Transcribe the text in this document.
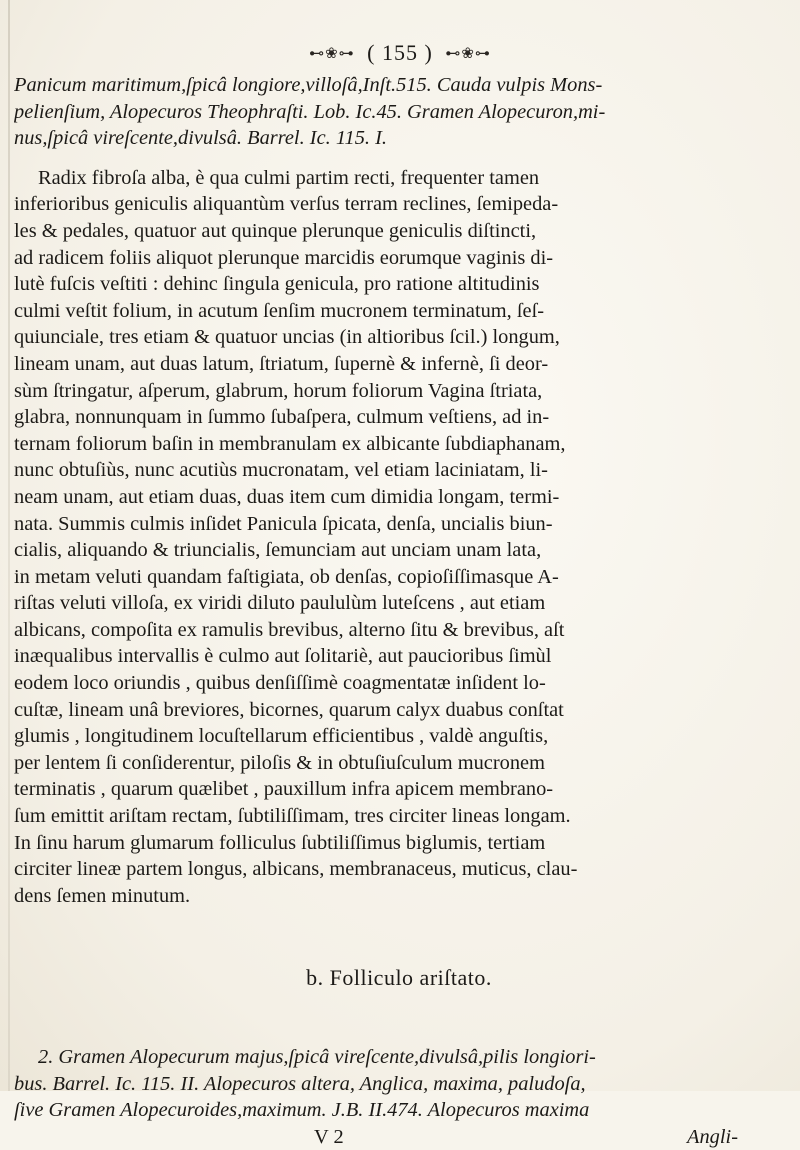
⊷❀⊶ ( 155 ) ⊷❀⊶
Panicum maritimum,ſpicâ longiore,villoſâ,Inſt.515. Cauda vulpis Mons-
pelienſium, Alopecuros Theophraſti. Lob. Ic.45. Gramen Alopecuron,mi-
nus,ſpicâ vireſcente,divulsâ. Barrel. Ic. 115. I.
Radix fibroſa alba, è qua culmi partim recti, frequenter tamen
inferioribus geniculis aliquantùm verſus terram reclines, ſemipeda-
les & pedales, quatuor aut quinque plerunque geniculis diſtincti,
ad radicem foliis aliquot plerunque marcidis eorumque vaginis di-
lutè fuſcis veſtiti : dehinc ſingula genicula, pro ratione altitudinis
culmi veſtit folium, in acutum ſenſim mucronem terminatum, ſeſ-
quiunciale, tres etiam & quatuor uncias (in altioribus ſcil.) longum,
lineam unam, aut duas latum, ſtriatum, ſupernè & infernè, ſi deor-
sùm ſtringatur, aſperum, glabrum, horum foliorum Vagina ſtriata,
glabra, nonnunquam in ſummo ſubaſpera, culmum veſtiens, ad in-
ternam foliorum baſin in membranulam ex albicante ſubdiaphanam,
nunc obtuſiùs, nunc acutiùs mucronatam, vel etiam laciniatam, li-
neam unam, aut etiam duas, duas item cum dimidia longam, termi-
nata. Summis culmis inſidet Panicula ſpicata, denſa, uncialis biun-
cialis, aliquando & triuncialis, ſemunciam aut unciam unam lata,
in metam veluti quandam faſtigiata, ob denſas, copioſiſſimasque A-
riſtas veluti villoſa, ex viridi diluto paululùm luteſcens , aut etiam
albicans, compoſita ex ramulis brevibus, alterno ſitu & brevibus, aſt
inæqualibus intervallis è culmo aut ſolitariè, aut paucioribus ſimùl
eodem loco oriundis , quibus denſiſſimè coagmentatæ inſident lo-
cuſtæ, lineam unâ breviores, bicornes, quarum calyx duabus conſtat
glumis , longitudinem locuſtellarum efficientibus , valdè anguſtis,
per lentem ſi conſiderentur, piloſis & in obtuſiuſculum mucronem
terminatis , quarum quælibet , pauxillum infra apicem membrano-
ſum emittit ariſtam rectam, ſubtiliſſimam, tres circiter lineas longam.
In ſinu harum glumarum folliculus ſubtiliſſimus biglumis, tertiam
circiter lineæ partem longus, albicans, membranaceus, muticus, clau-
dens ſemen minutum.
b. Folliculo ariſtato.
2. Gramen Alopecurum majus,ſpicâ vireſcente,divulsâ,pilis longiori-
bus. Barrel. Ic. 115. II. Alopecuros altera, Anglica, maxima, paludoſa,
ſive Gramen Alopecuroides,maximum. J.B. II.474. Alopecuros maxima
V 2	Angli-
